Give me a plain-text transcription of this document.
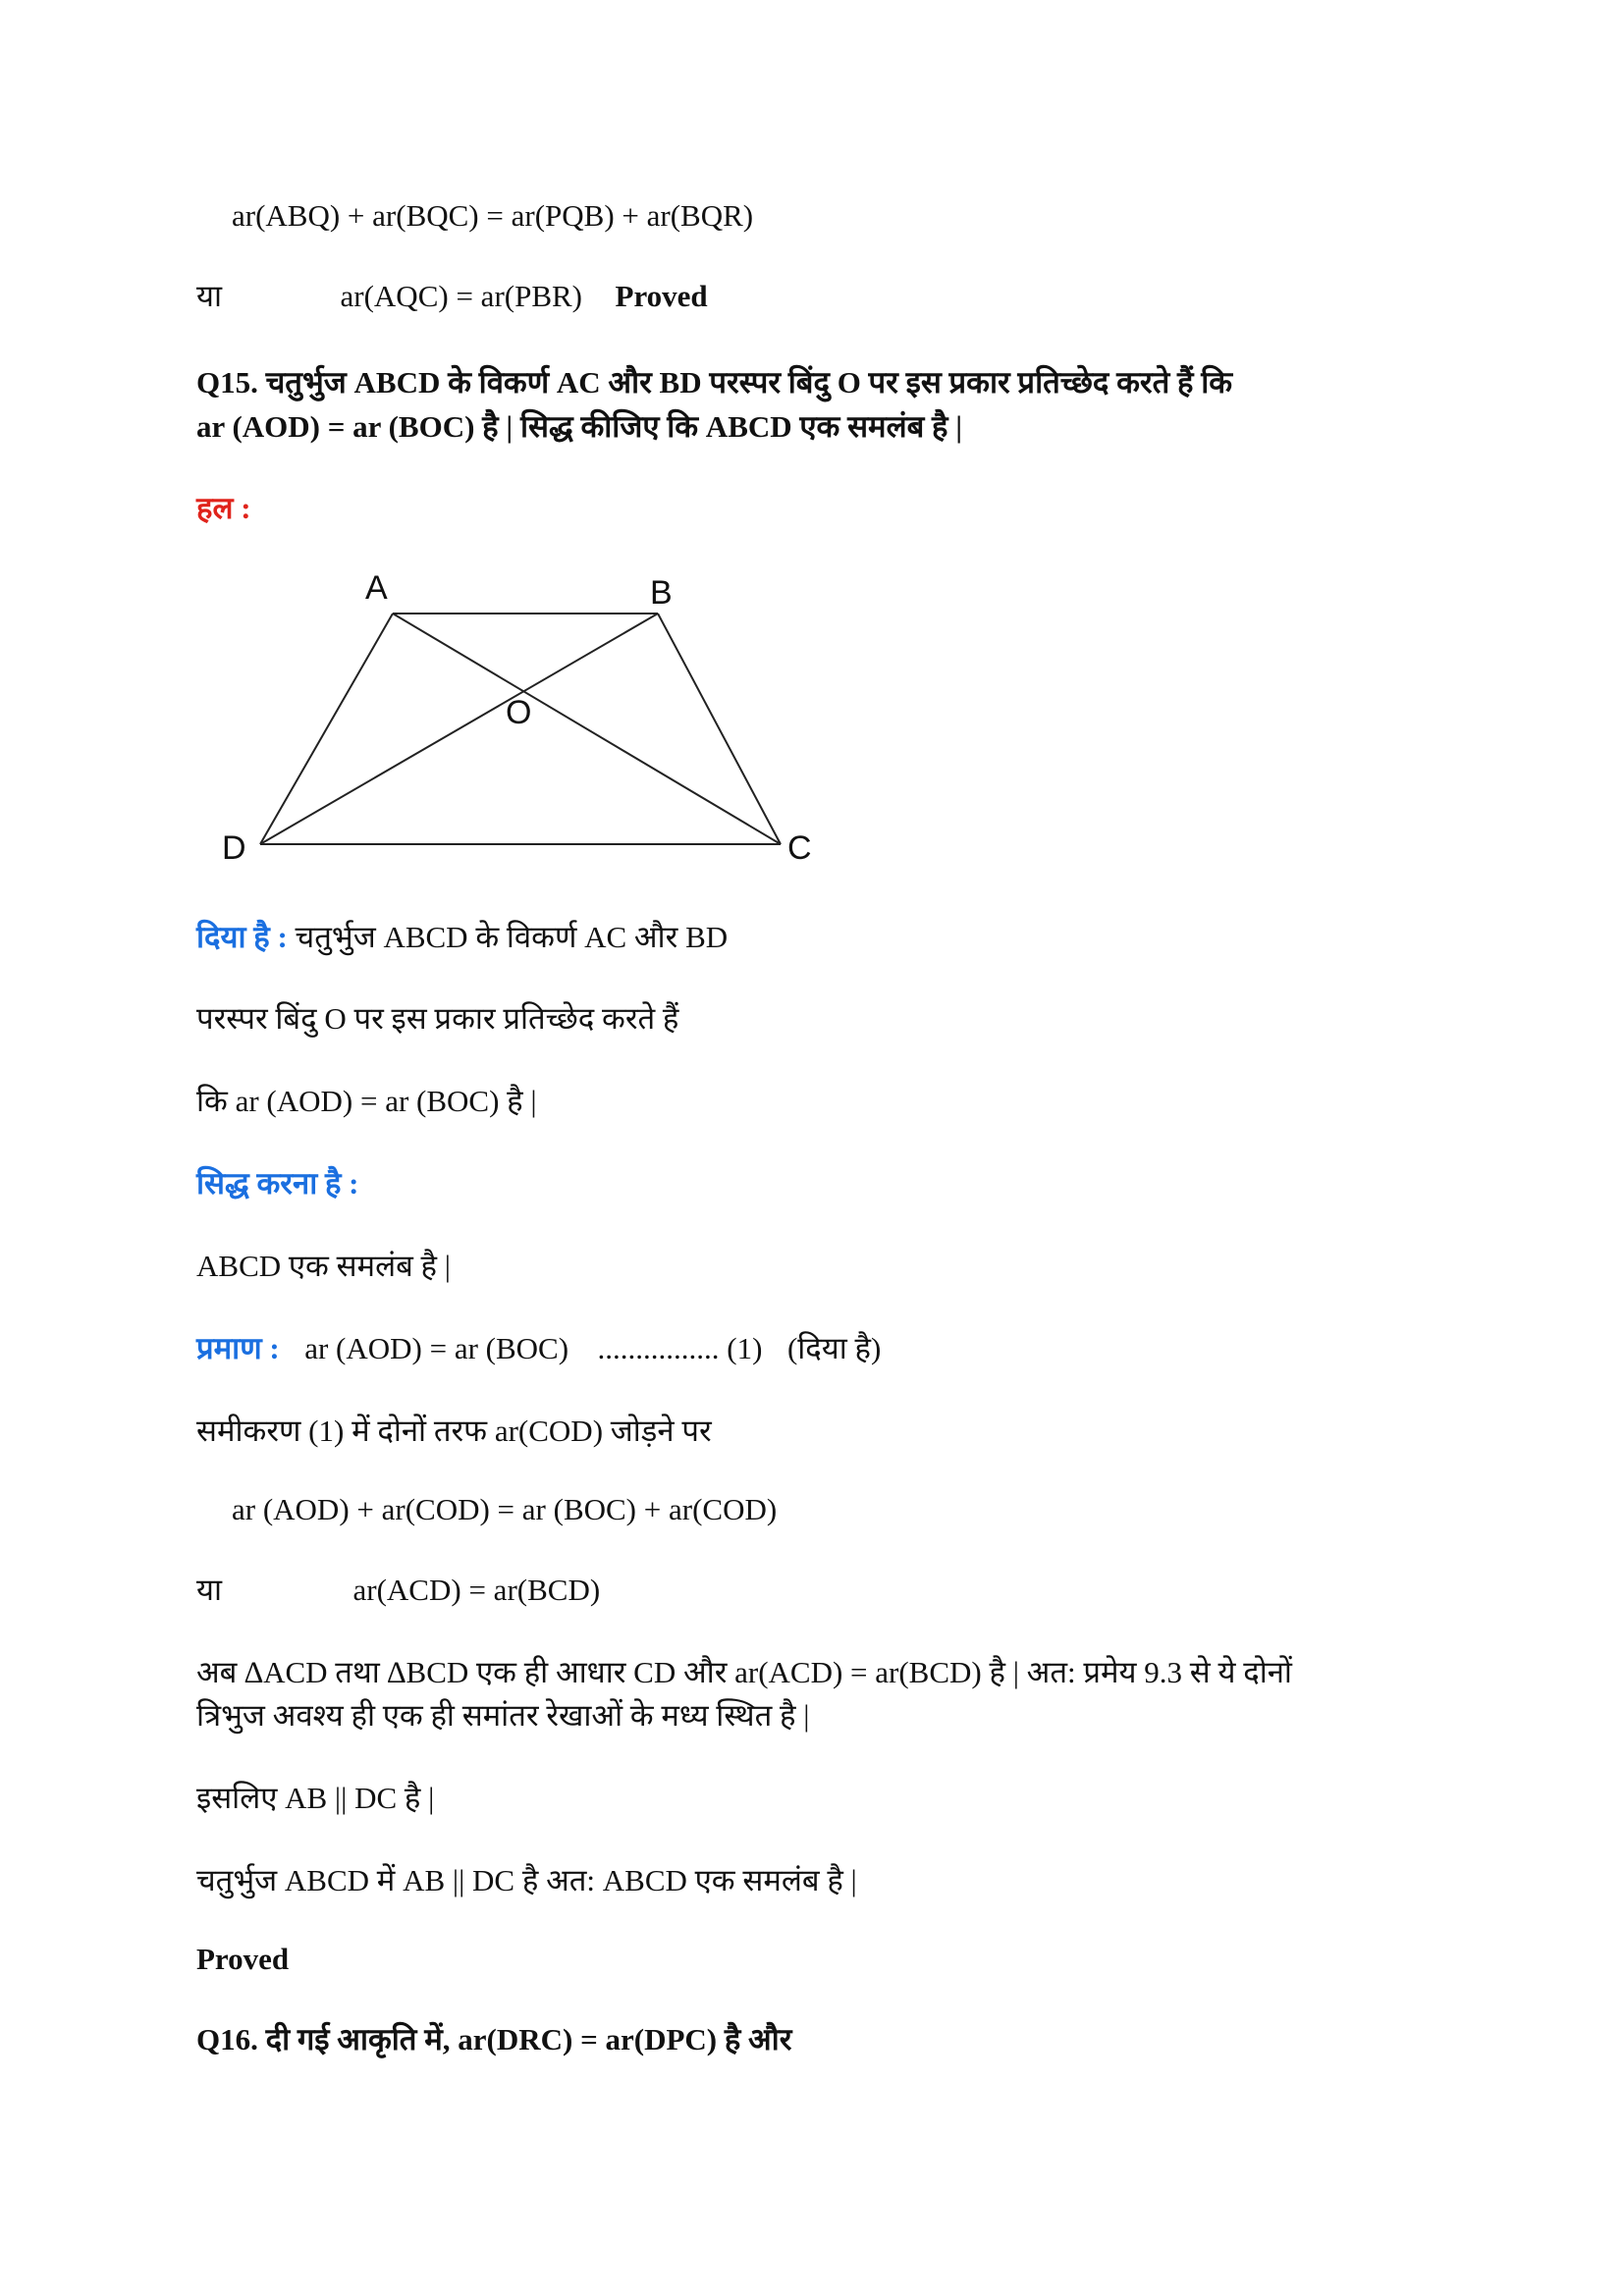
ar(ABQ) + ar(BQC) = ar(PQB) + ar(BQR)
या	ar(AQC) = ar(PBR) Proved
Q15. चतुर्भुज ABCD के विकर्ण AC और BD परस्पर बिंदु O पर इस प्रकार प्रतिच्छेद करते हैं कि
ar (AOD) = ar (BOC) है | सिद्ध कीजिए कि ABCD एक समलंब है |
हल :
A	B
O
D	C
दिया है : चतुर्भुज ABCD के विकर्ण AC और BD
परस्पर बिंदु O पर इस प्रकार प्रतिच्छेद करते हैं
कि ar (AOD) = ar (BOC) है |
सिद्ध करना है :
ABCD एक समलंब है |
प्रमाण : ar (AOD) = ar (BOC) ................ (1) (दिया है)
समीकरण (1) में दोनों तरफ ar(COD) जोड़ने पर
ar (AOD) + ar(COD) = ar (BOC) + ar(COD)
या	ar(ACD) = ar(BCD)
अब ∆ACD तथा ∆BCD एक ही आधार CD और ar(ACD) = ar(BCD) है | अत: प्रमेय 9.3 से ये दोनों
त्रिभुज अवश्य ही एक ही समांतर रेखाओं के मध्य स्थित है |
इसलिए AB || DC है |
चतुर्भुज ABCD में AB || DC है अत: ABCD एक समलंब है |
Proved
Q16. दी गई आकृति में, ar(DRC) = ar(DPC) है और
